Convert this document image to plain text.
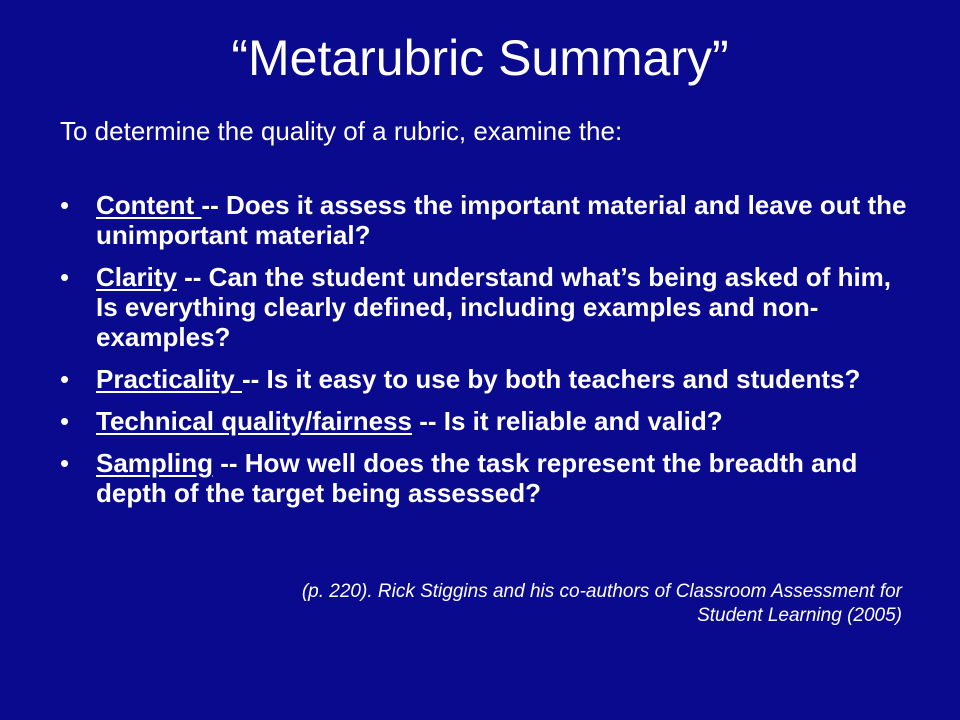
“Metarubric Summary”

To determine the quality of a rubric, examine the:

• Content -- Does it assess the important material and leave out the unimportant material?
• Clarity -- Can the student understand what’s being asked of him, Is everything clearly defined, including examples and non-examples?
• Practicality -- Is it easy to use by both teachers and students?
• Technical quality/fairness -- Is it reliable and valid?
• Sampling -- How well does the task represent the breadth and depth of the target being assessed?

(p. 220). Rick Stiggins and his co-authors of Classroom Assessment for
Student Learning (2005)
